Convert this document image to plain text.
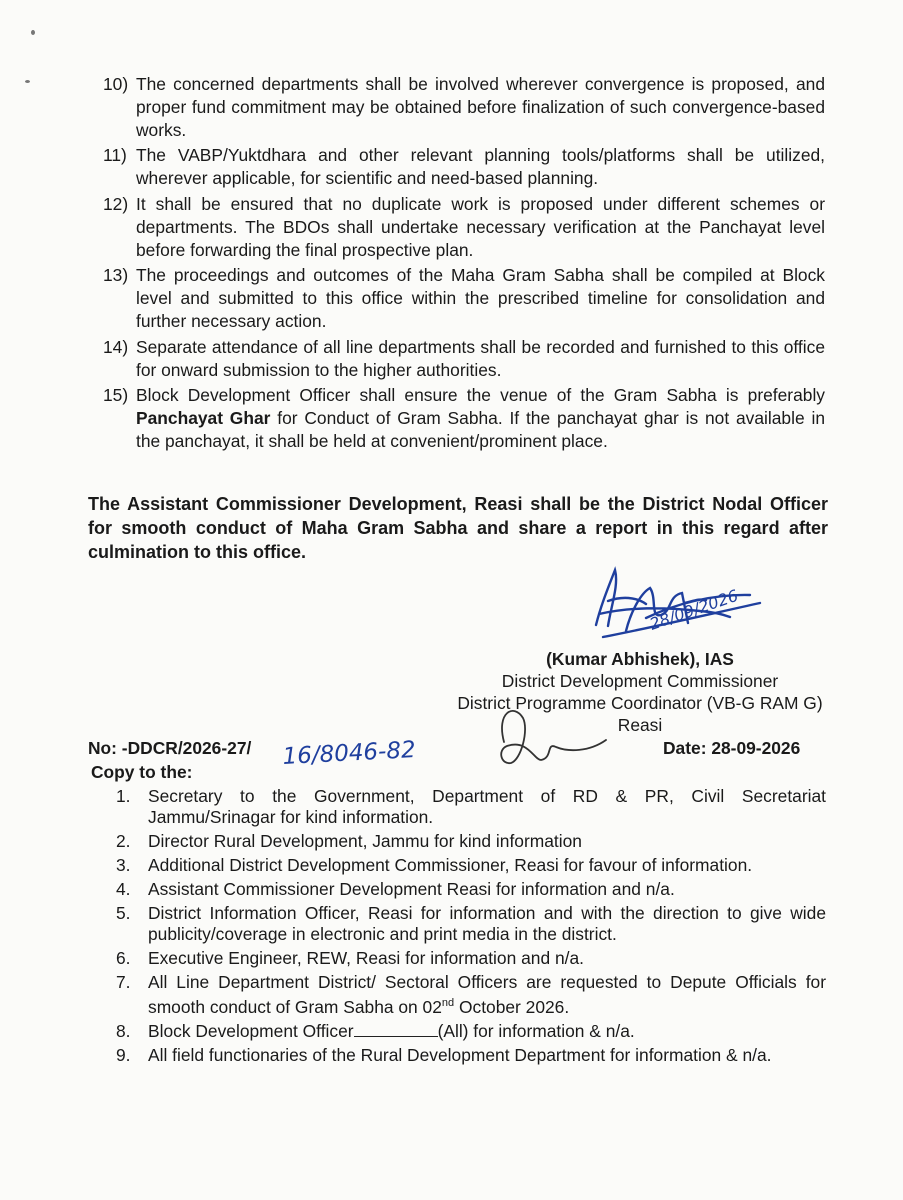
10) The concerned departments shall be involved wherever convergence is proposed, and proper fund commitment may be obtained before finalization of such convergence-based works.
11) The VABP/Yuktdhara and other relevant planning tools/platforms shall be utilized, wherever applicable, for scientific and need-based planning.
12) It shall be ensured that no duplicate work is proposed under different schemes or departments. The BDOs shall undertake necessary verification at the Panchayat level before forwarding the final prospective plan.
13) The proceedings and outcomes of the Maha Gram Sabha shall be compiled at Block level and submitted to this office within the prescribed timeline for consolidation and further necessary action.
14) Separate attendance of all line departments shall be recorded and furnished to this office for onward submission to the higher authorities.
15) Block Development Officer shall ensure the venue of the Gram Sabha is preferably Panchayat Ghar for Conduct of Gram Sabha. If the panchayat ghar is not available in the panchayat, it shall be held at convenient/prominent place.
The Assistant Commissioner Development, Reasi shall be the District Nodal Officer for smooth conduct of Maha Gram Sabha and share a report in this regard after culmination to this office.
28/09/2026
16/8046-82
(Kumar Abhishek), IAS
District Development Commissioner
District Programme Coordinator (VB-G RAM G)
Reasi
No: -DDCR/2026-27/	Date: 28-09-2026
Copy to the:
1.	Secretary to the Government, Department of RD & PR, Civil Secretariat Jammu/Srinagar for kind information.
2.	Director Rural Development, Jammu for kind information
3.	Additional District Development Commissioner, Reasi for favour of information.
4.	Assistant Commissioner Development Reasi for information and n/a.
5.	District Information Officer, Reasi for information and with the direction to give wide publicity/coverage in electronic and print media in the district.
6.	Executive Engineer, REW, Reasi for information and n/a.
7.	All Line Department District/ Sectoral Officers are requested to Depute Officials for smooth conduct of Gram Sabha on 02nd October 2026.
8.	Block Development Officer	(All) for information & n/a.
9.	All field functionaries of the Rural Development Department for information & n/a.
